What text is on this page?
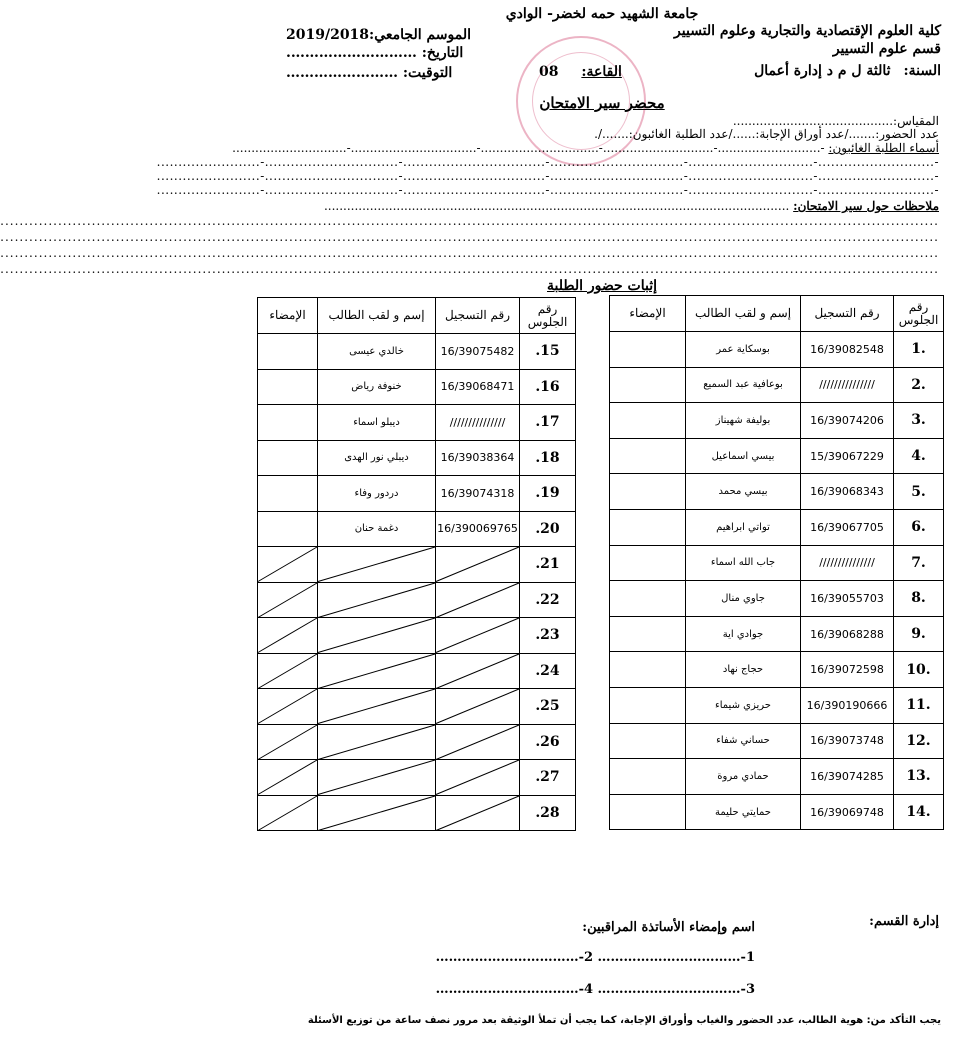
جامعة الشهيد حمه لخضر- الوادي
كلية العلوم الإقتصادية والتجارية وعلوم التسيير
قسم علوم التسيير
السنة: ثالثة ل م د إدارة أعمال
القاعة: 08
الموسم الجامعي:2019/2018
التاريخ: ……………………….
التوقيت: ……………………
محضر سير الامتحان
المقياس:..........................................
عدد الحضور:......./عدد أوراق الإجابة:....../عدد الطلبة الغائبون:......./.
أسماء الطلبة الغائبون: -...........................-.............................-...............................-.................................-..............................
-...........................-.............................-...............................-.................................-...............................-........................
-...........................-.............................-...............................-.................................-...............................-........................
-...........................-.............................-...............................-.................................-...............................-........................
ملاحظات حول سير الامتحان: ..........................................................................................................................
...................................................................................................................................................................................................
...................................................................................................................................................................................................
...................................................................................................................................................................................................
...................................................................................................................................................................................................
إثبات حضور الطلبة
رقم الجلوس	رقم التسجيل	إسم و لقب الطالب	الإمضاء
1.	16/39082548	بوسكاية عمر	
2.	///////////////	بوعافية عبد السميع	
3.	16/39074206	بوليفة شهيناز	
4.	15/39067229	بيسي اسماعيل	
5.	16/39068343	بيسي محمد	
6.	16/39067705	تواتي ابراهيم	
7.	///////////////	جاب الله اسماء	
8.	16/39055703	جاوي منال	
9.	16/39068288	جوادي اية	
10.	16/39072598	حجاج نهاد	
11.	16/390190666	حريزي شيماء	
12.	16/39073748	حساني شفاء	
13.	16/39074285	حمادي مروة	
14.	16/39069748	حمايتي حليمة	
رقم الجلوس	رقم التسجيل	إسم و لقب الطالب	الإمضاء
.15	16/39075482	خالدي عيسى	
.16	16/39068471	خنوفة رياض	
.17	///////////////	ديبلو اسماء	
.18	16/39038364	ديبلي نور الهدى	
.19	16/39074318	دردور وفاء	
.20	16/390069765	دغمة حنان	
.21	

.22	

.23	

.24	

.25	

.26	

.27	

.28	

إدارة القسم:
اسم وإمضاء الأساتذة المراقبين:
……………………………-2 ……………………………-1
……………………………-4 ……………………………-3
يجب التأكد من: هوية الطالب، عدد الحضور والغياب وأوراق الإجابة، كما يجب أن تملأ الوثيقة بعد مرور نصف ساعة من توزيع الأسئلة
